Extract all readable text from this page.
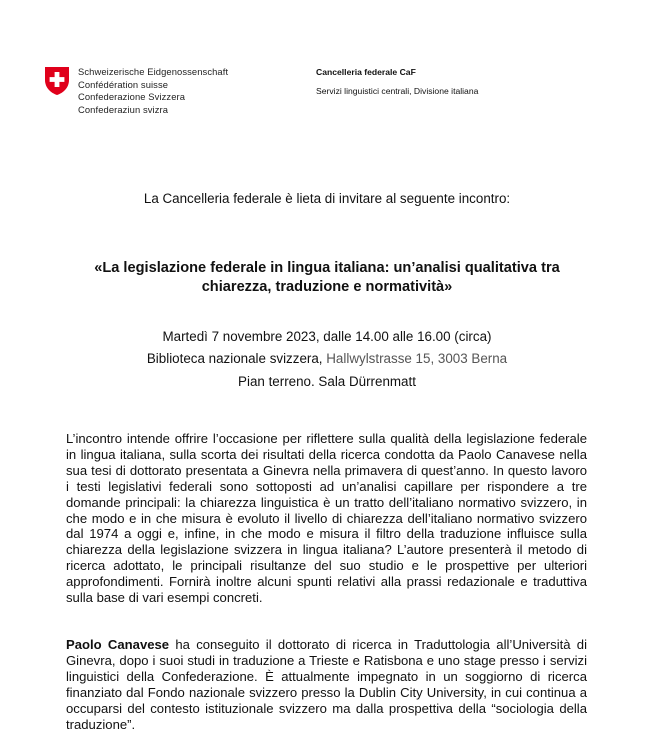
Schweizerische Eidgenossenschaft
Confédération suisse
Confederazione Svizzera
Confederaziun svizra
Cancelleria federale CaF
Servizi linguistici centrali, Divisione italiana
La Cancelleria federale è lieta di invitare al seguente incontro:
«La legislazione federale in lingua italiana: un’analisi qualitativa tra
chiarezza, traduzione e normatività»
Martedì 7 novembre 2023, dalle 14.00 alle 16.00 (circa)
Biblioteca nazionale svizzera, Hallwylstrasse 15, 3003 Berna
Pian terreno. Sala Dürrenmatt
L’incontro intende offrire l’occasione per riflettere sulla qualità della legislazione federale in lingua italiana, sulla scorta dei risultati della ricerca condotta da Paolo Canavese nella sua tesi di dottorato presentata a Ginevra nella primavera di quest’anno. In questo lavoro i testi legislativi federali sono sottoposti ad un’analisi capillare per rispondere a tre domande principali: la chiarezza linguistica è un tratto dell’italiano normativo svizzero, in che modo e in che misura è evoluto il livello di chiarezza dell’italiano normativo svizzero dal 1974 a oggi e, infine, in che modo e misura il filtro della traduzione influisce sulla chiarezza della legislazione svizzera in lingua italiana? L’autore presenterà il metodo di ricerca adottato, le principali risultanze del suo studio e le prospettive per ulteriori approfondimenti. Fornirà inoltre alcuni spunti relativi alla prassi redazionale e traduttiva sulla base di vari esempi concreti.
Paolo Canavese ha conseguito il dottorato di ricerca in Traduttologia all’Università di Ginevra, dopo i suoi studi in traduzione a Trieste e Ratisbona e uno stage presso i servizi linguistici della Confederazione. È attualmente impegnato in un soggiorno di ricerca finanziato dal Fondo nazionale svizzero presso la Dublin City University, in cui continua a occuparsi del contesto istituzionale svizzero ma dalla prospettiva della “sociologia della traduzione”.
